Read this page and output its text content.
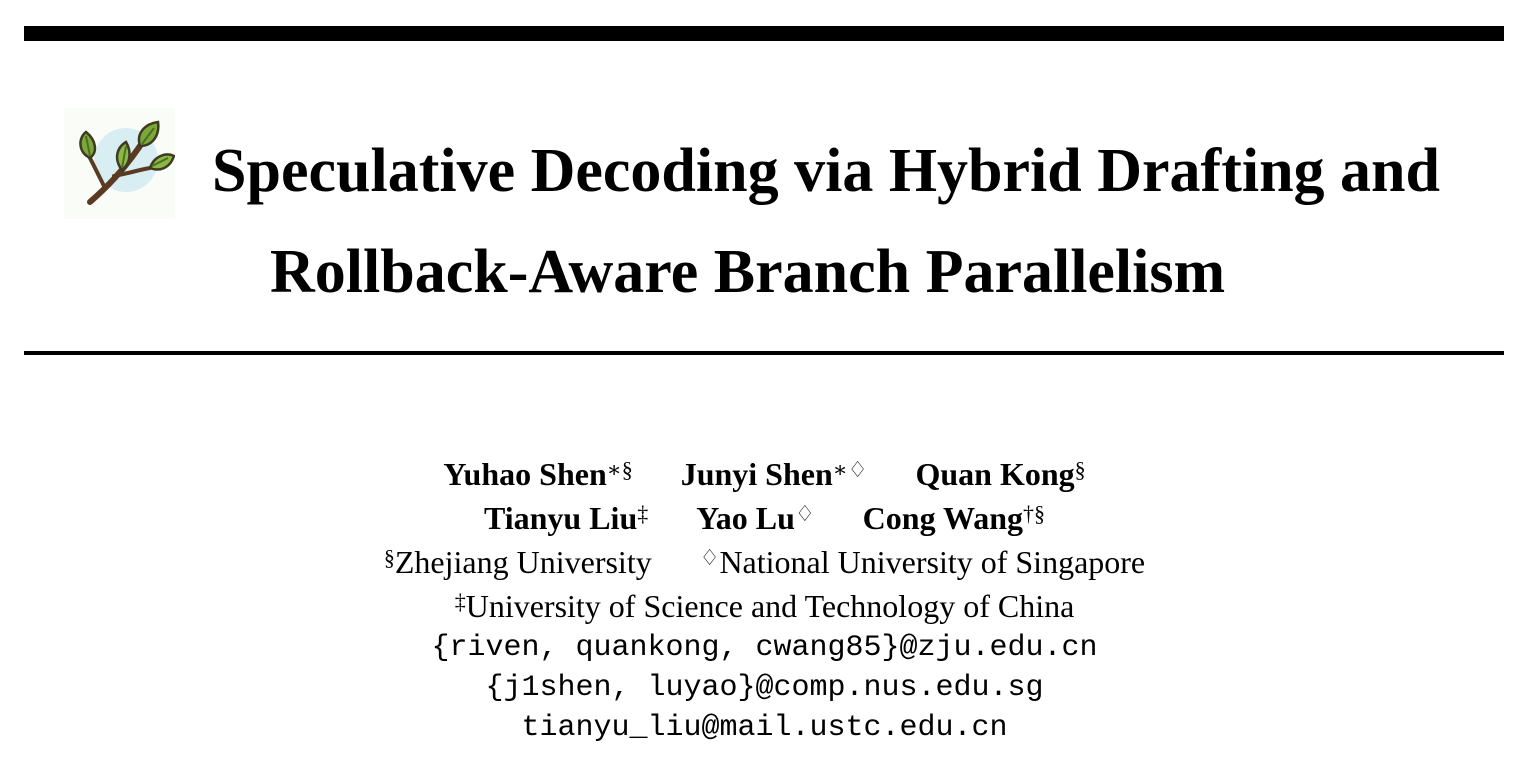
Speculative Decoding via Hybrid Drafting and
Rollback-Aware Branch Parallelism
Yuhao Shen∗§ Junyi Shen∗♢ Quan Kong§
Tianyu Liu‡ Yao Lu♢ Cong Wang†§
§Zhejiang University ♢National University of Singapore
‡University of Science and Technology of China
{riven, quankong, cwang85}@zju.edu.cn
{j1shen, luyao}@comp.nus.edu.sg
tianyu_liu@mail.ustc.edu.cn
